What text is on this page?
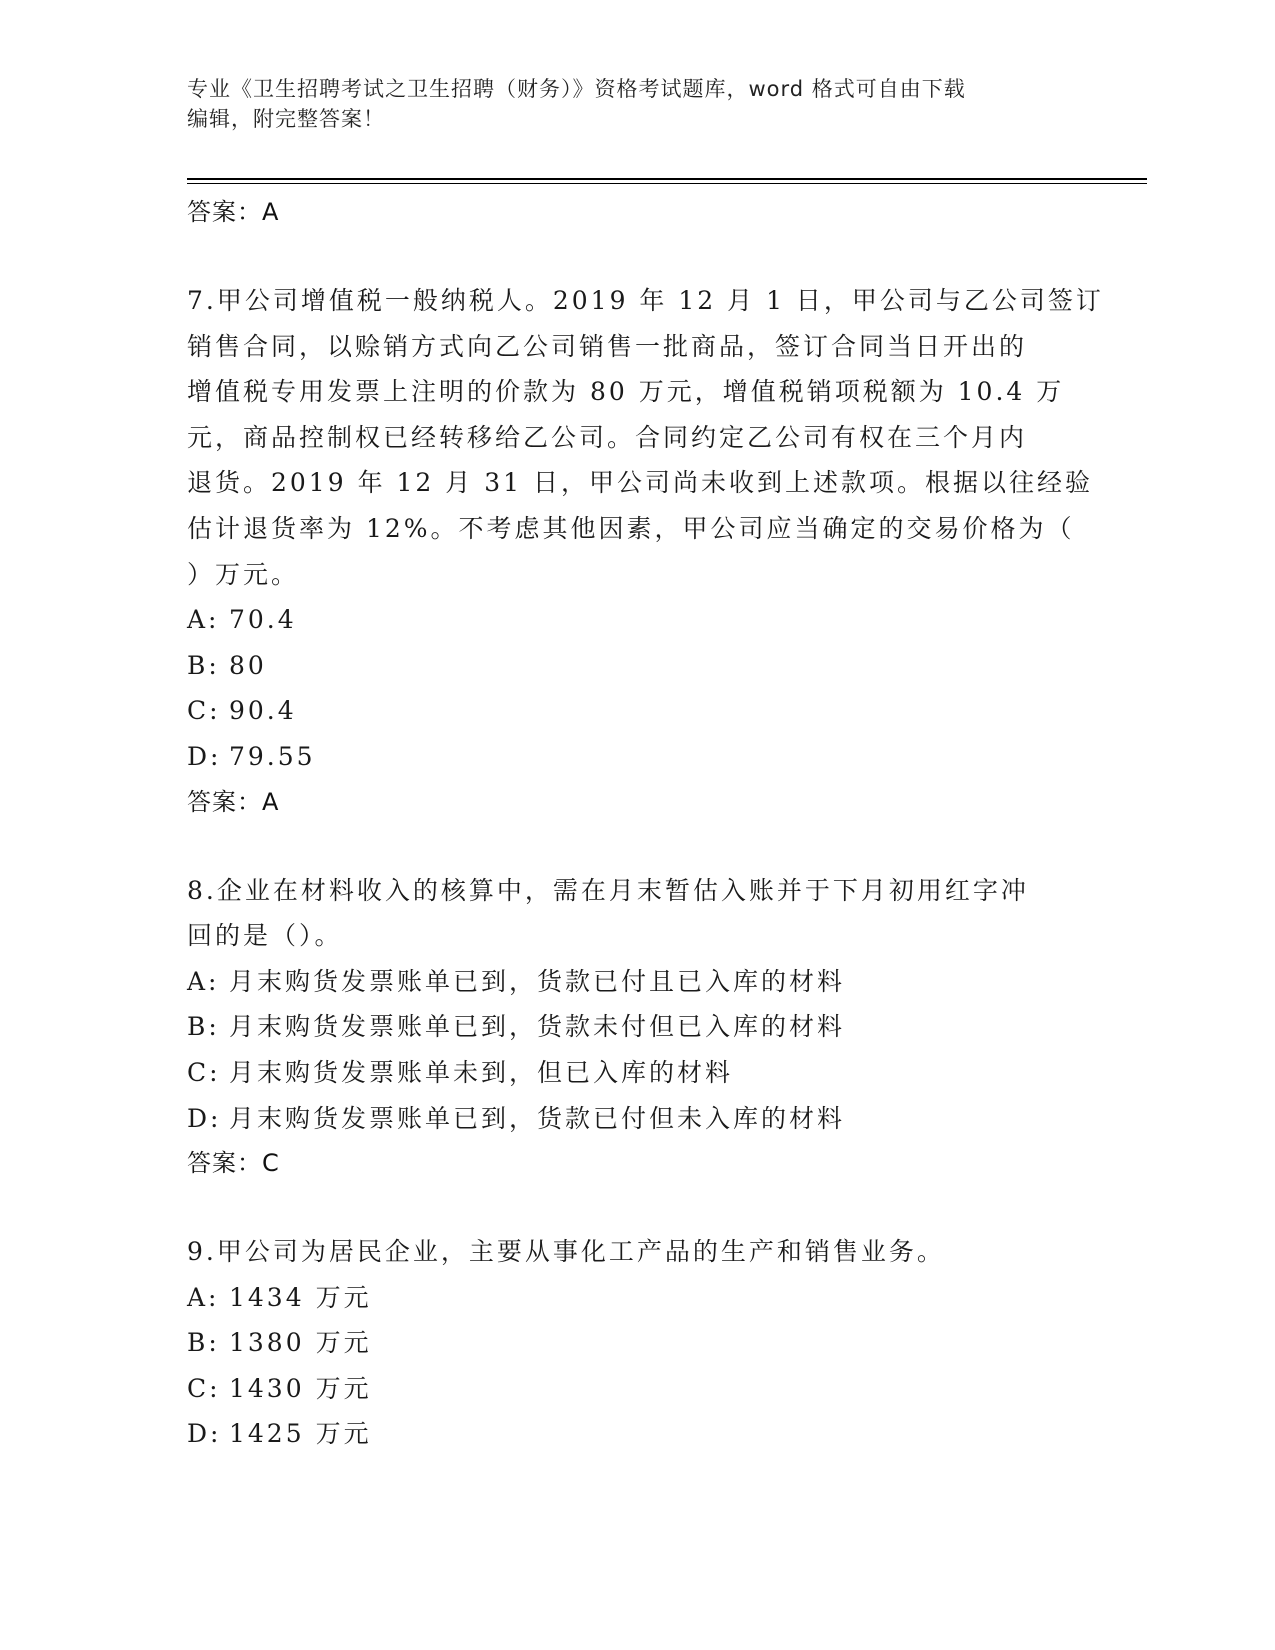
专业《卫生招聘考试之卫生招聘（财务）》资格考试题库，word 格式可自由下载
编辑，附完整答案！
答案：A
7.甲公司增值税一般纳税人。2019 年 12 月 1 日，甲公司与乙公司签订
销售合同，以赊销方式向乙公司销售一批商品，签订合同当日开出的
增值税专用发票上注明的价款为 80 万元，增值税销项税额为 10.4 万
元，商品控制权已经转移给乙公司。合同约定乙公司有权在三个月内
退货。2019 年 12 月 31 日，甲公司尚未收到上述款项。根据以往经验
估计退货率为 12%。不考虑其他因素，甲公司应当确定的交易价格为（
）万元。
A: 70.4
B: 80
C: 90.4
D: 79.55
答案：A
8.企业在材料收入的核算中，需在月末暂估入账并于下月初用红字冲
回的是（）。
A: 月末购货发票账单已到，货款已付且已入库的材料
B: 月末购货发票账单已到，货款未付但已入库的材料
C: 月末购货发票账单未到，但已入库的材料
D: 月末购货发票账单已到，货款已付但未入库的材料
答案：C
9.甲公司为居民企业，主要从事化工产品的生产和销售业务。
A: 1434 万元
B: 1380 万元
C: 1430 万元
D: 1425 万元
